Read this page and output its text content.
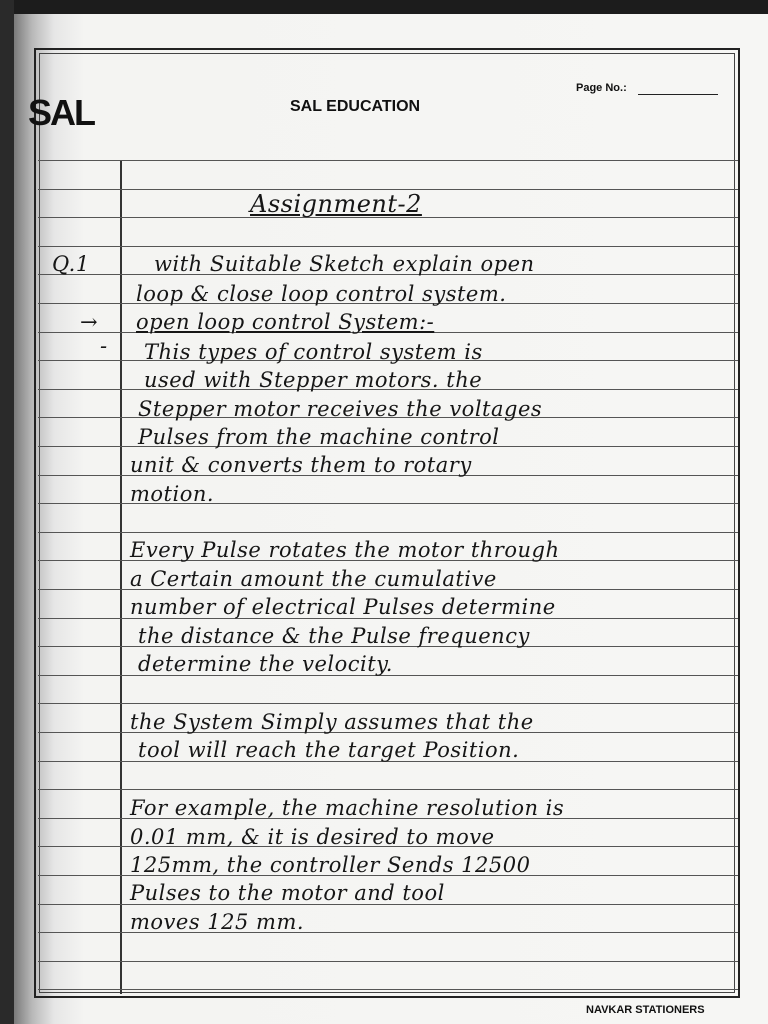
SAL	SAL EDUCATION
Page No.:
Assignment-2
Q.1	with Suitable Sketch explain open
loop & close loop control system.
→ open loop control System:-
- This types of control system is
used with Stepper motors. the
Stepper motor receives the voltages
Pulses from the machine control
unit & converts them to rotary
motion.
Every Pulse rotates the motor through
a Certain amount the cumulative
number of electrical Pulses determine
the distance & the Pulse frequency
determine the velocity.
the System Simply assumes that the
tool will reach the target Position.
For example, the machine resolution is
0.01 mm, & it is desired to move
125mm, the controller Sends 12500
Pulses to the motor and tool
moves 125 mm.
NAVKAR STATIONERS
